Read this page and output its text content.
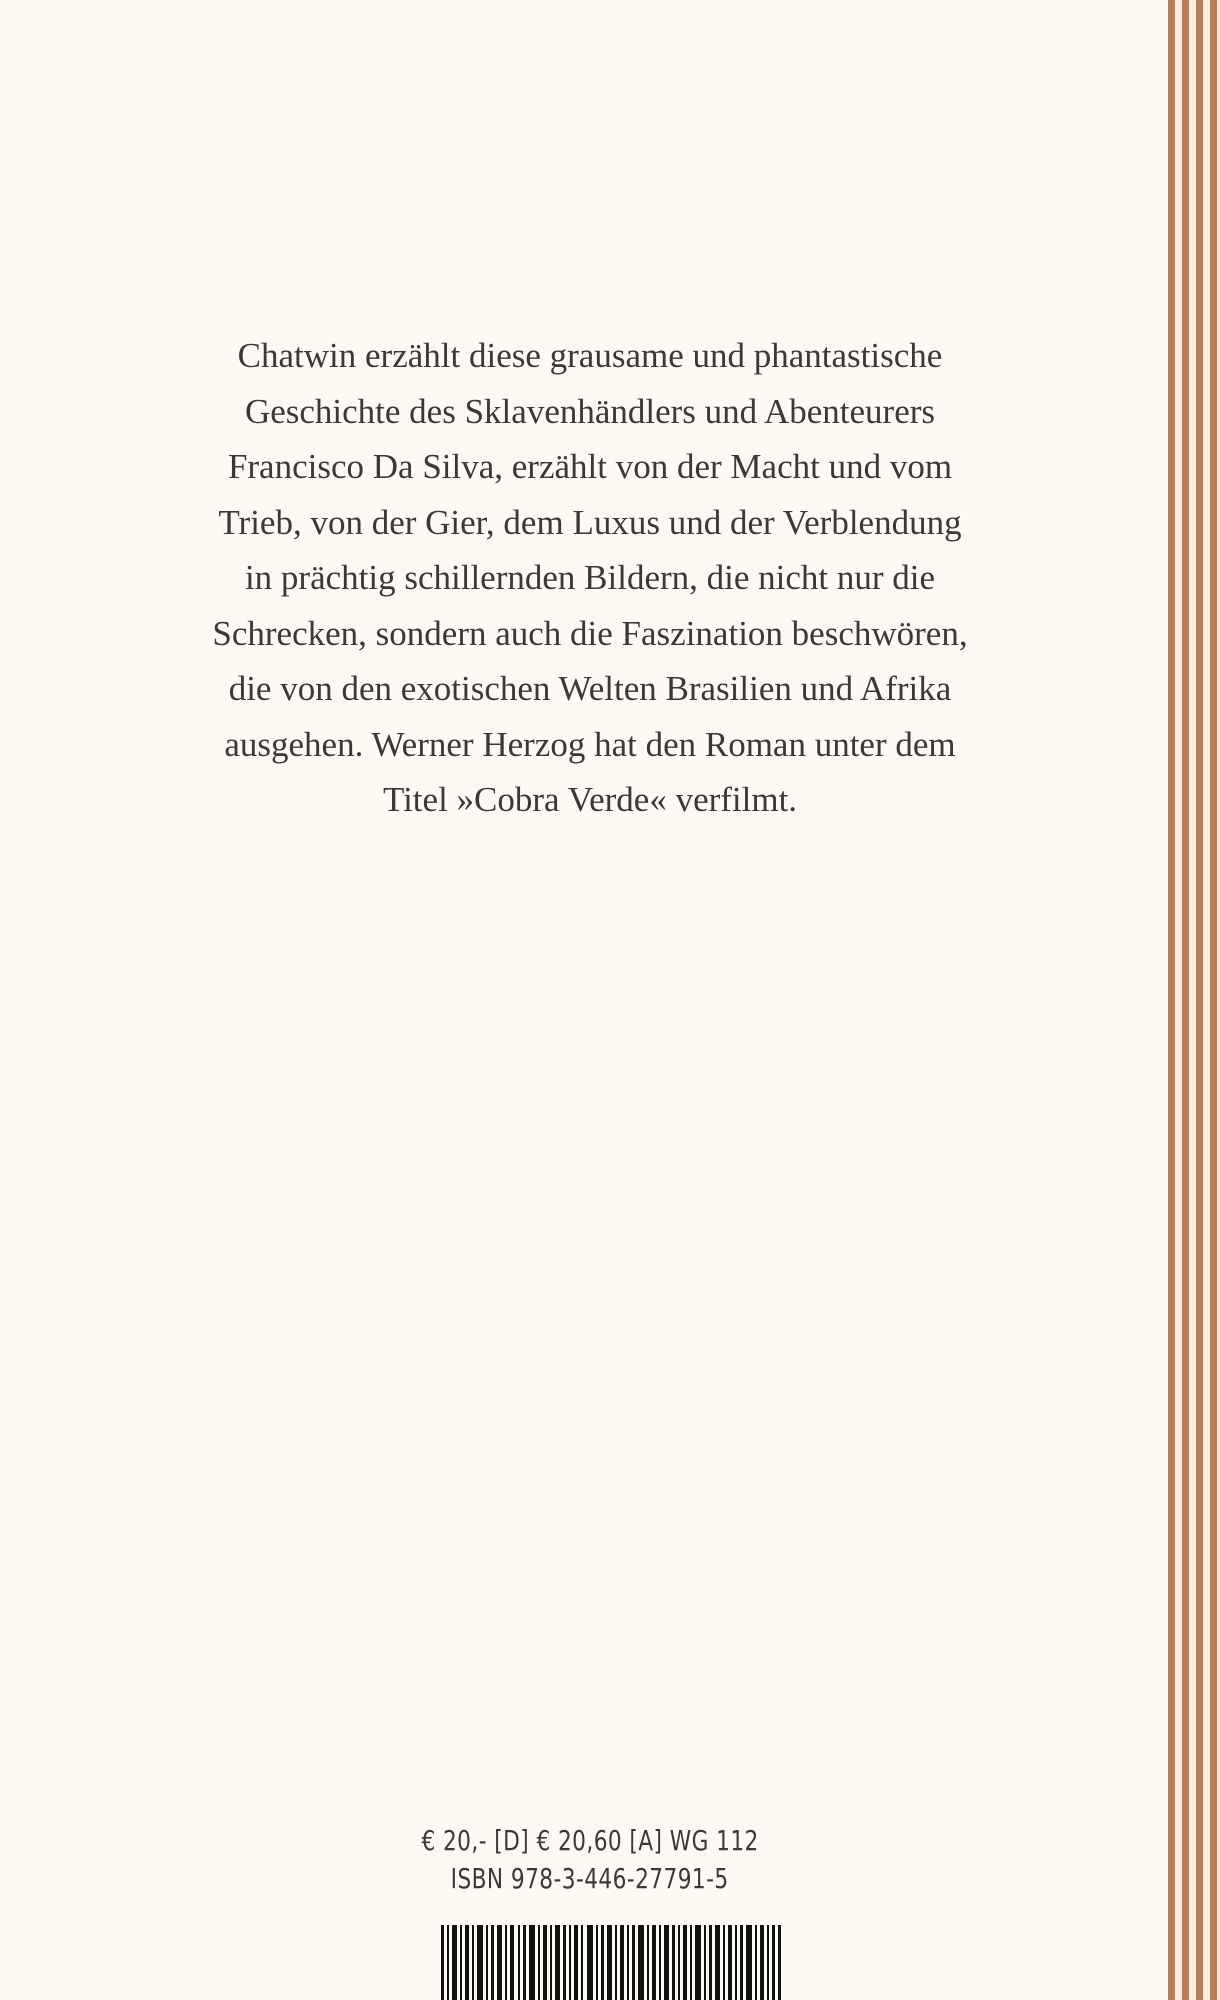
Chatwin erzählt diese grausame und phantastische
Geschichte des Sklavenhändlers und Abenteurers
Francisco Da Silva, erzählt von der Macht und vom
Trieb, von der Gier, dem Luxus und der Verblendung
in prächtig schillernden Bildern, die nicht nur die
Schrecken, sondern auch die Faszination beschwören,
die von den exotischen Welten Brasilien und Afrika
ausgehen. Werner Herzog hat den Roman unter dem
Titel »Cobra Verde« verfilmt.
€ 20,- [D] € 20,60 [A] WG 112
ISBN 978-3-446-27791-5
